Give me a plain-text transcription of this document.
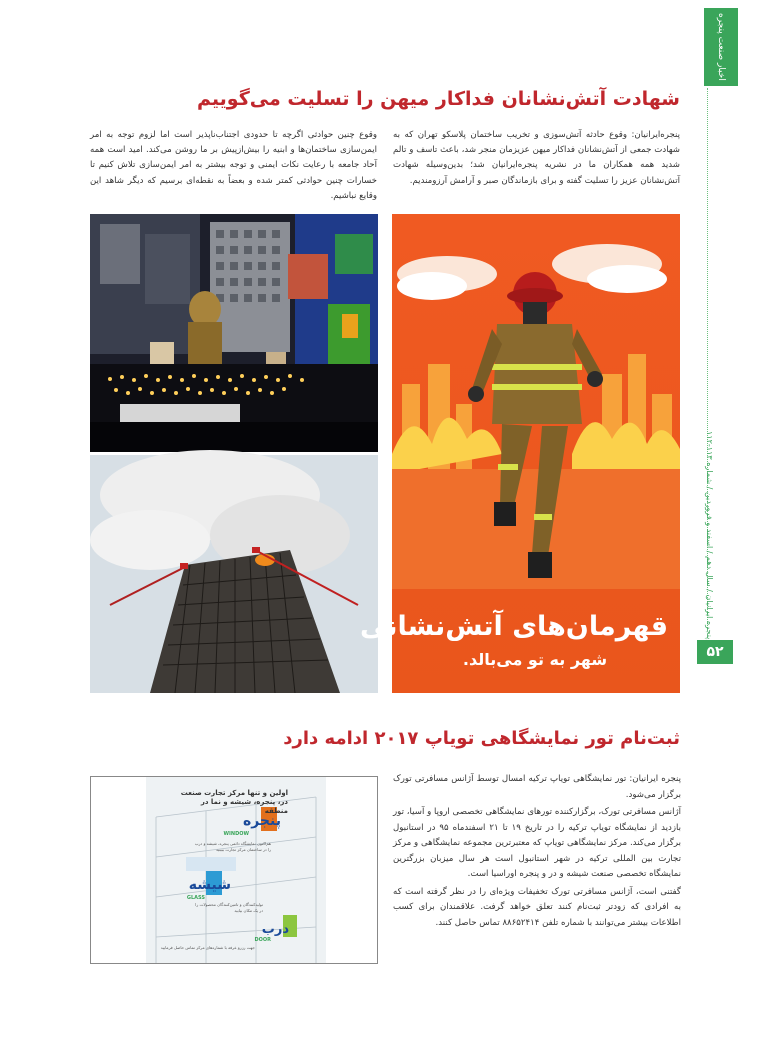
اخبار صنعت پنجره
پنجره ایرانیان / سال دهم / اسفند و فروردین / شماره ۱۱۳-۱۱۲
۵۲
شهادت آتش‌نشانان فداکار میهن را تسلیت می‌گوییم
پنجره‌ایرانیان: وقوع حادثه آتش‌سوزی و تخریب ساختمان پلاسکو تهران که به شهادت جمعی از آتش‌نشانان فداکار میهن عزیزمان منجر شد، باعث تاسف و تالم شدید همه همکاران ما در نشریه پنجره‌ایرانیان شد؛ بدین‌وسیله شهادت آتش‌نشانان عزیز را تسلیت گفته و برای بازماندگان صبر و آرامش آرزومندیم.
وقوع چنین حوادثی اگرچه تا حدودی اجتناب‌ناپذیر است اما لزوم توجه به امر ایمن‌سازی ساختمان‌ها و ابنیه را بیش‌ازپیش بر ما روشن می‌کند. امید است همه آحاد جامعه با رعایت نکات ایمنی و توجه بیشتر به امر ایمن‌سازی تلاش کنیم تا خسارات چنین حوادثی کمتر شده و بعضاً به نقطه‌ای برسیم که دیگر شاهد این وقایع نباشیم.
قهرمان‌های آتش‌نشانی
شهر به تو می‌بالد.
ثبت‌نام تور نمایشگاهی تویاپ ۲۰۱۷ ادامه دارد

پنجره ایرانیان: تور نمایشگاهی تویاپ ترکیه امسال توسط آژانس مسافرتی تورک برگزار می‌شود.

آژانس مسافرتی تورک، برگزارکننده تورهای نمایشگاهی تخصصی اروپا و آسیا، تور بازدید از نمایشگاه تویاپ ترکیه را در تاریخ ۱۹ تا ۲۱ اسفندماه ۹۵ در استانبول برگزار می‌کند. مرکز نمایشگاهی تویاپ که معتبرترین مجموعه نمایشگاهی و مرکز تجارت بین المللی ترکیه در شهر استانبول است هر سال میزبان بزرگترین نمایشگاه تخصصی صنعت شیشه و در و پنجره اوراسیا است.

گفتنی است، آژانس مسافرتی تورک تخفیفات ویژه‌ای را در نظر گرفته است که به افرادی که زودتر ثبت‌نام کنند تعلق خواهد گرفت. علاقمندان برای کسب اطلاعات بیشتر می‌توانند با شماره تلفن ۸۸۶۵۲۴۱۴ تماس حاصل کنند.

اولین و تنها مرکز تجارت صنعت در، پنجره، شیشه و نما در منطقه
پنجره
WINDOW
هم‌اکنون نمایشگاه دائمی پنجره، شیشه و درب را در ساختمان مرکز تجارت ببینید
شیشه
GLASS
تولیدکنندگان و تامین‌کنندگان محصولات را در یک مکان بیابید
درب
DOOR
جهت رزرو غرفه با شماره‌های مرکز تماس حاصل فرمایید
